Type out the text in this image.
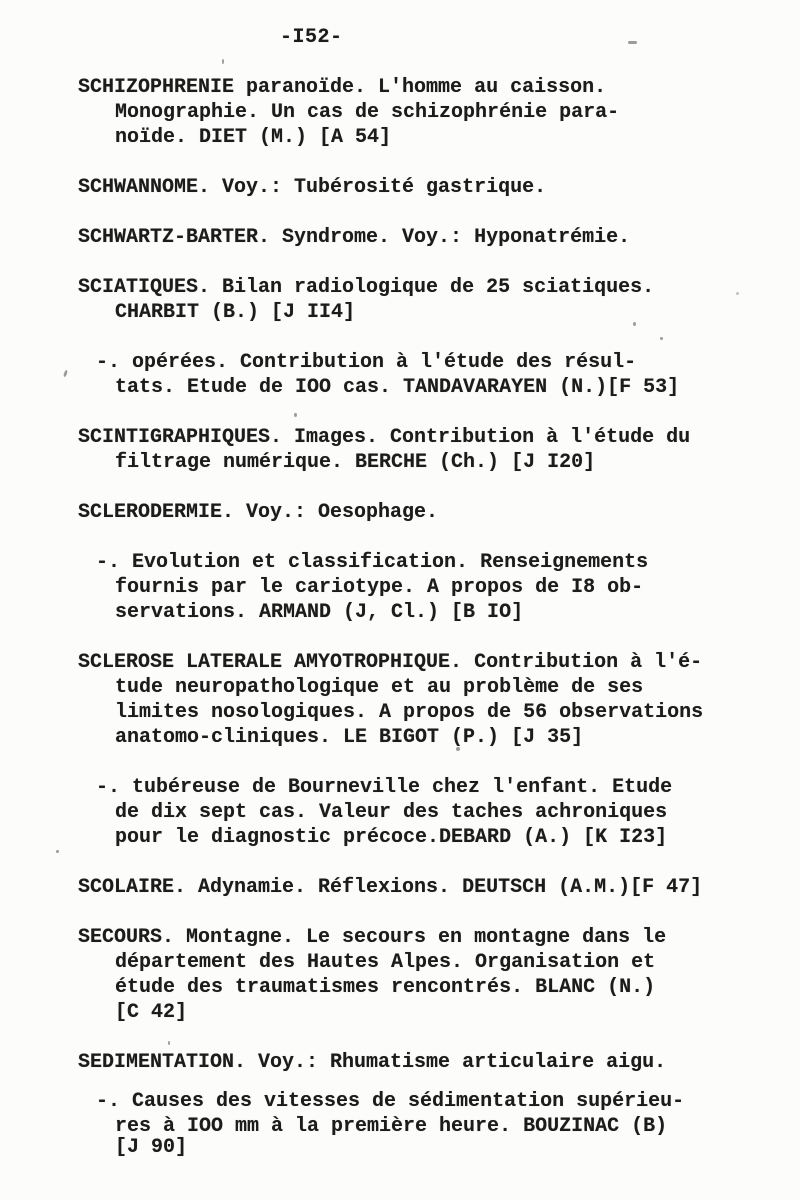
-I52-
SCHIZOPHRENIE paranoïde. L'homme au caisson.
Monographie. Un cas de schizophrénie para-
noïde. DIET (M.) [A 54]
SCHWANNOME. Voy.: Tubérosité gastrique.
SCHWARTZ-BARTER. Syndrome. Voy.: Hyponatrémie.
SCIATIQUES. Bilan radiologique de 25 sciatiques.
CHARBIT (B.) [J II4]
-. opérées. Contribution à l'étude des résul-
tats. Etude de IOO cas. TANDAVARAYEN (N.)[F 53]
SCINTIGRAPHIQUES. Images. Contribution à l'étude du
filtrage numérique. BERCHE (Ch.) [J I20]
SCLERODERMIE. Voy.: Oesophage.
-. Evolution et classification. Renseignements
fournis par le cariotype. A propos de I8 ob-
servations. ARMAND (J, Cl.) [B IO]
SCLEROSE LATERALE AMYOTROPHIQUE. Contribution à l'é-
tude neuropathologique et au problème de ses
limites nosologiques. A propos de 56 observations
anatomo-cliniques. LE BIGOT (P.) [J 35]
-. tubéreuse de Bourneville chez l'enfant. Etude
de dix sept cas. Valeur des taches achroniques
pour le diagnostic précoce.DEBARD (A.) [K I23]
SCOLAIRE. Adynamie. Réflexions. DEUTSCH (A.M.)[F 47]
SECOURS. Montagne. Le secours en montagne dans le
département des Hautes Alpes. Organisation et
étude des traumatismes rencontrés. BLANC (N.)
[C 42]
SEDIMENTATION. Voy.: Rhumatisme articulaire aigu.
-. Causes des vitesses de sédimentation supérieu-
res à IOO mm à la première heure. BOUZINAC (B)
[J 90]
